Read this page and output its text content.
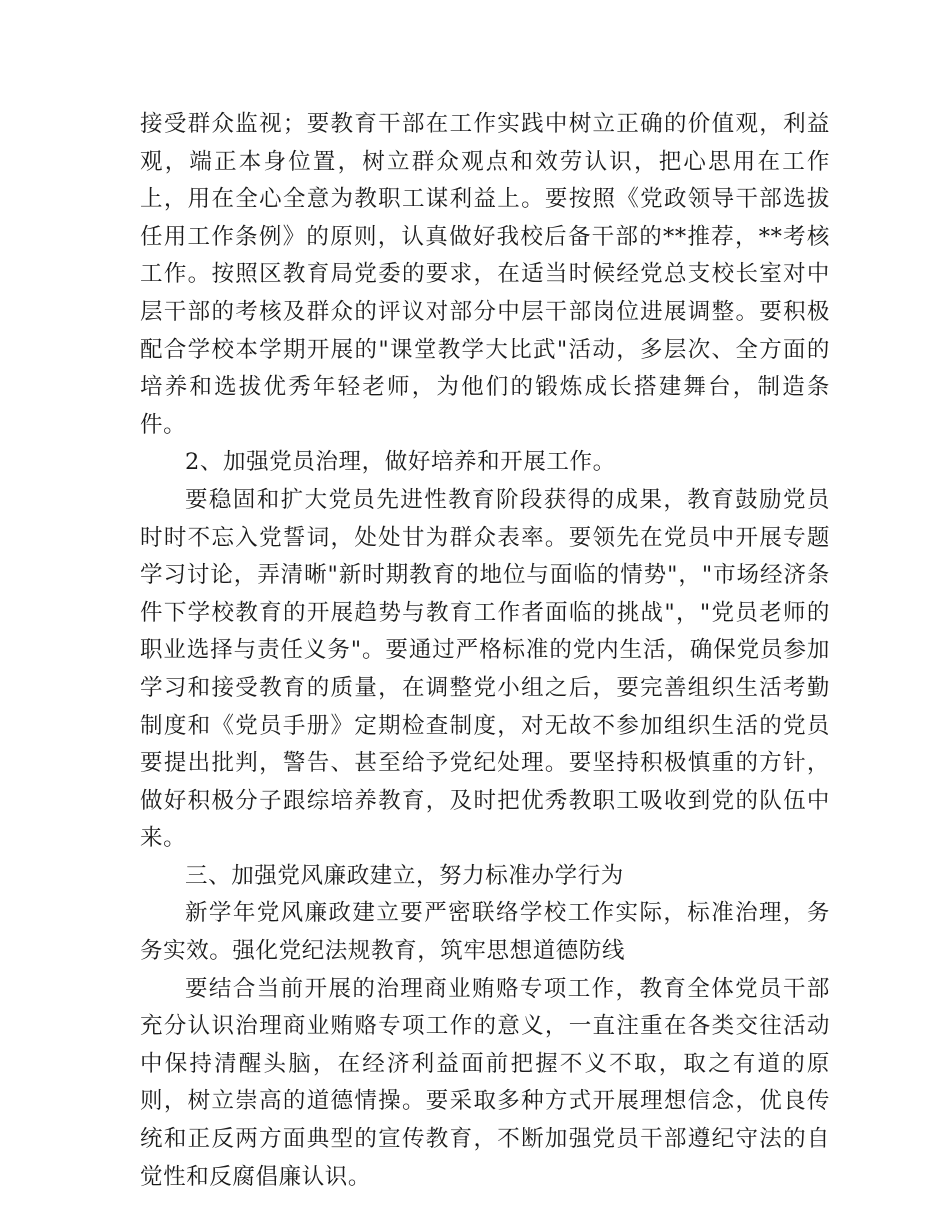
接受群众监视；要教育干部在工作实践中树立正确的价值观，利益观，端正本身位置，树立群众观点和效劳认识，把心思用在工作上，用在全心全意为教职工谋利益上。要按照《党政领导干部选拔任用工作条例》的原则，认真做好我校后备干部的**推荐，**考核工作。按照区教育局党委的要求，在适当时候经党总支校长室对中层干部的考核及群众的评议对部分中层干部岗位进展调整。要积极配合学校本学期开展的"课堂教学大比武"活动，多层次、全方面的培养和选拔优秀年轻老师，为他们的锻炼成长搭建舞台，制造条件。

2、加强党员治理，做好培养和开展工作。

要稳固和扩大党员先进性教育阶段获得的成果，教育鼓励党员时时不忘入党誓词，处处甘为群众表率。要领先在党员中开展专题学习讨论，弄清晰"新时期教育的地位与面临的情势"，"市场经济条件下学校教育的开展趋势与教育工作者面临的挑战"，"党员老师的职业选择与责任义务"。要通过严格标准的党内生活，确保党员参加学习和接受教育的质量，在调整党小组之后，要完善组织生活考勤制度和《党员手册》定期检查制度，对无故不参加组织生活的党员要提出批判，警告、甚至给予党纪处理。要坚持积极慎重的方针，做好积极分子跟综培养教育，及时把优秀教职工吸收到党的队伍中来。

三、加强党风廉政建立，努力标准办学行为

新学年党风廉政建立要严密联络学校工作实际，标准治理，务务实效。强化党纪法规教育，筑牢思想道德防线

要结合当前开展的治理商业贿赂专项工作，教育全体党员干部充分认识治理商业贿赂专项工作的意义，一直注重在各类交往活动中保持清醒头脑，在经济利益面前把握不义不取，取之有道的原则，树立崇高的道德情操。要采取多种方式开展理想信念，优良传统和正反两方面典型的宣传教育，不断加强党员干部遵纪守法的自觉性和反腐倡廉认识。
